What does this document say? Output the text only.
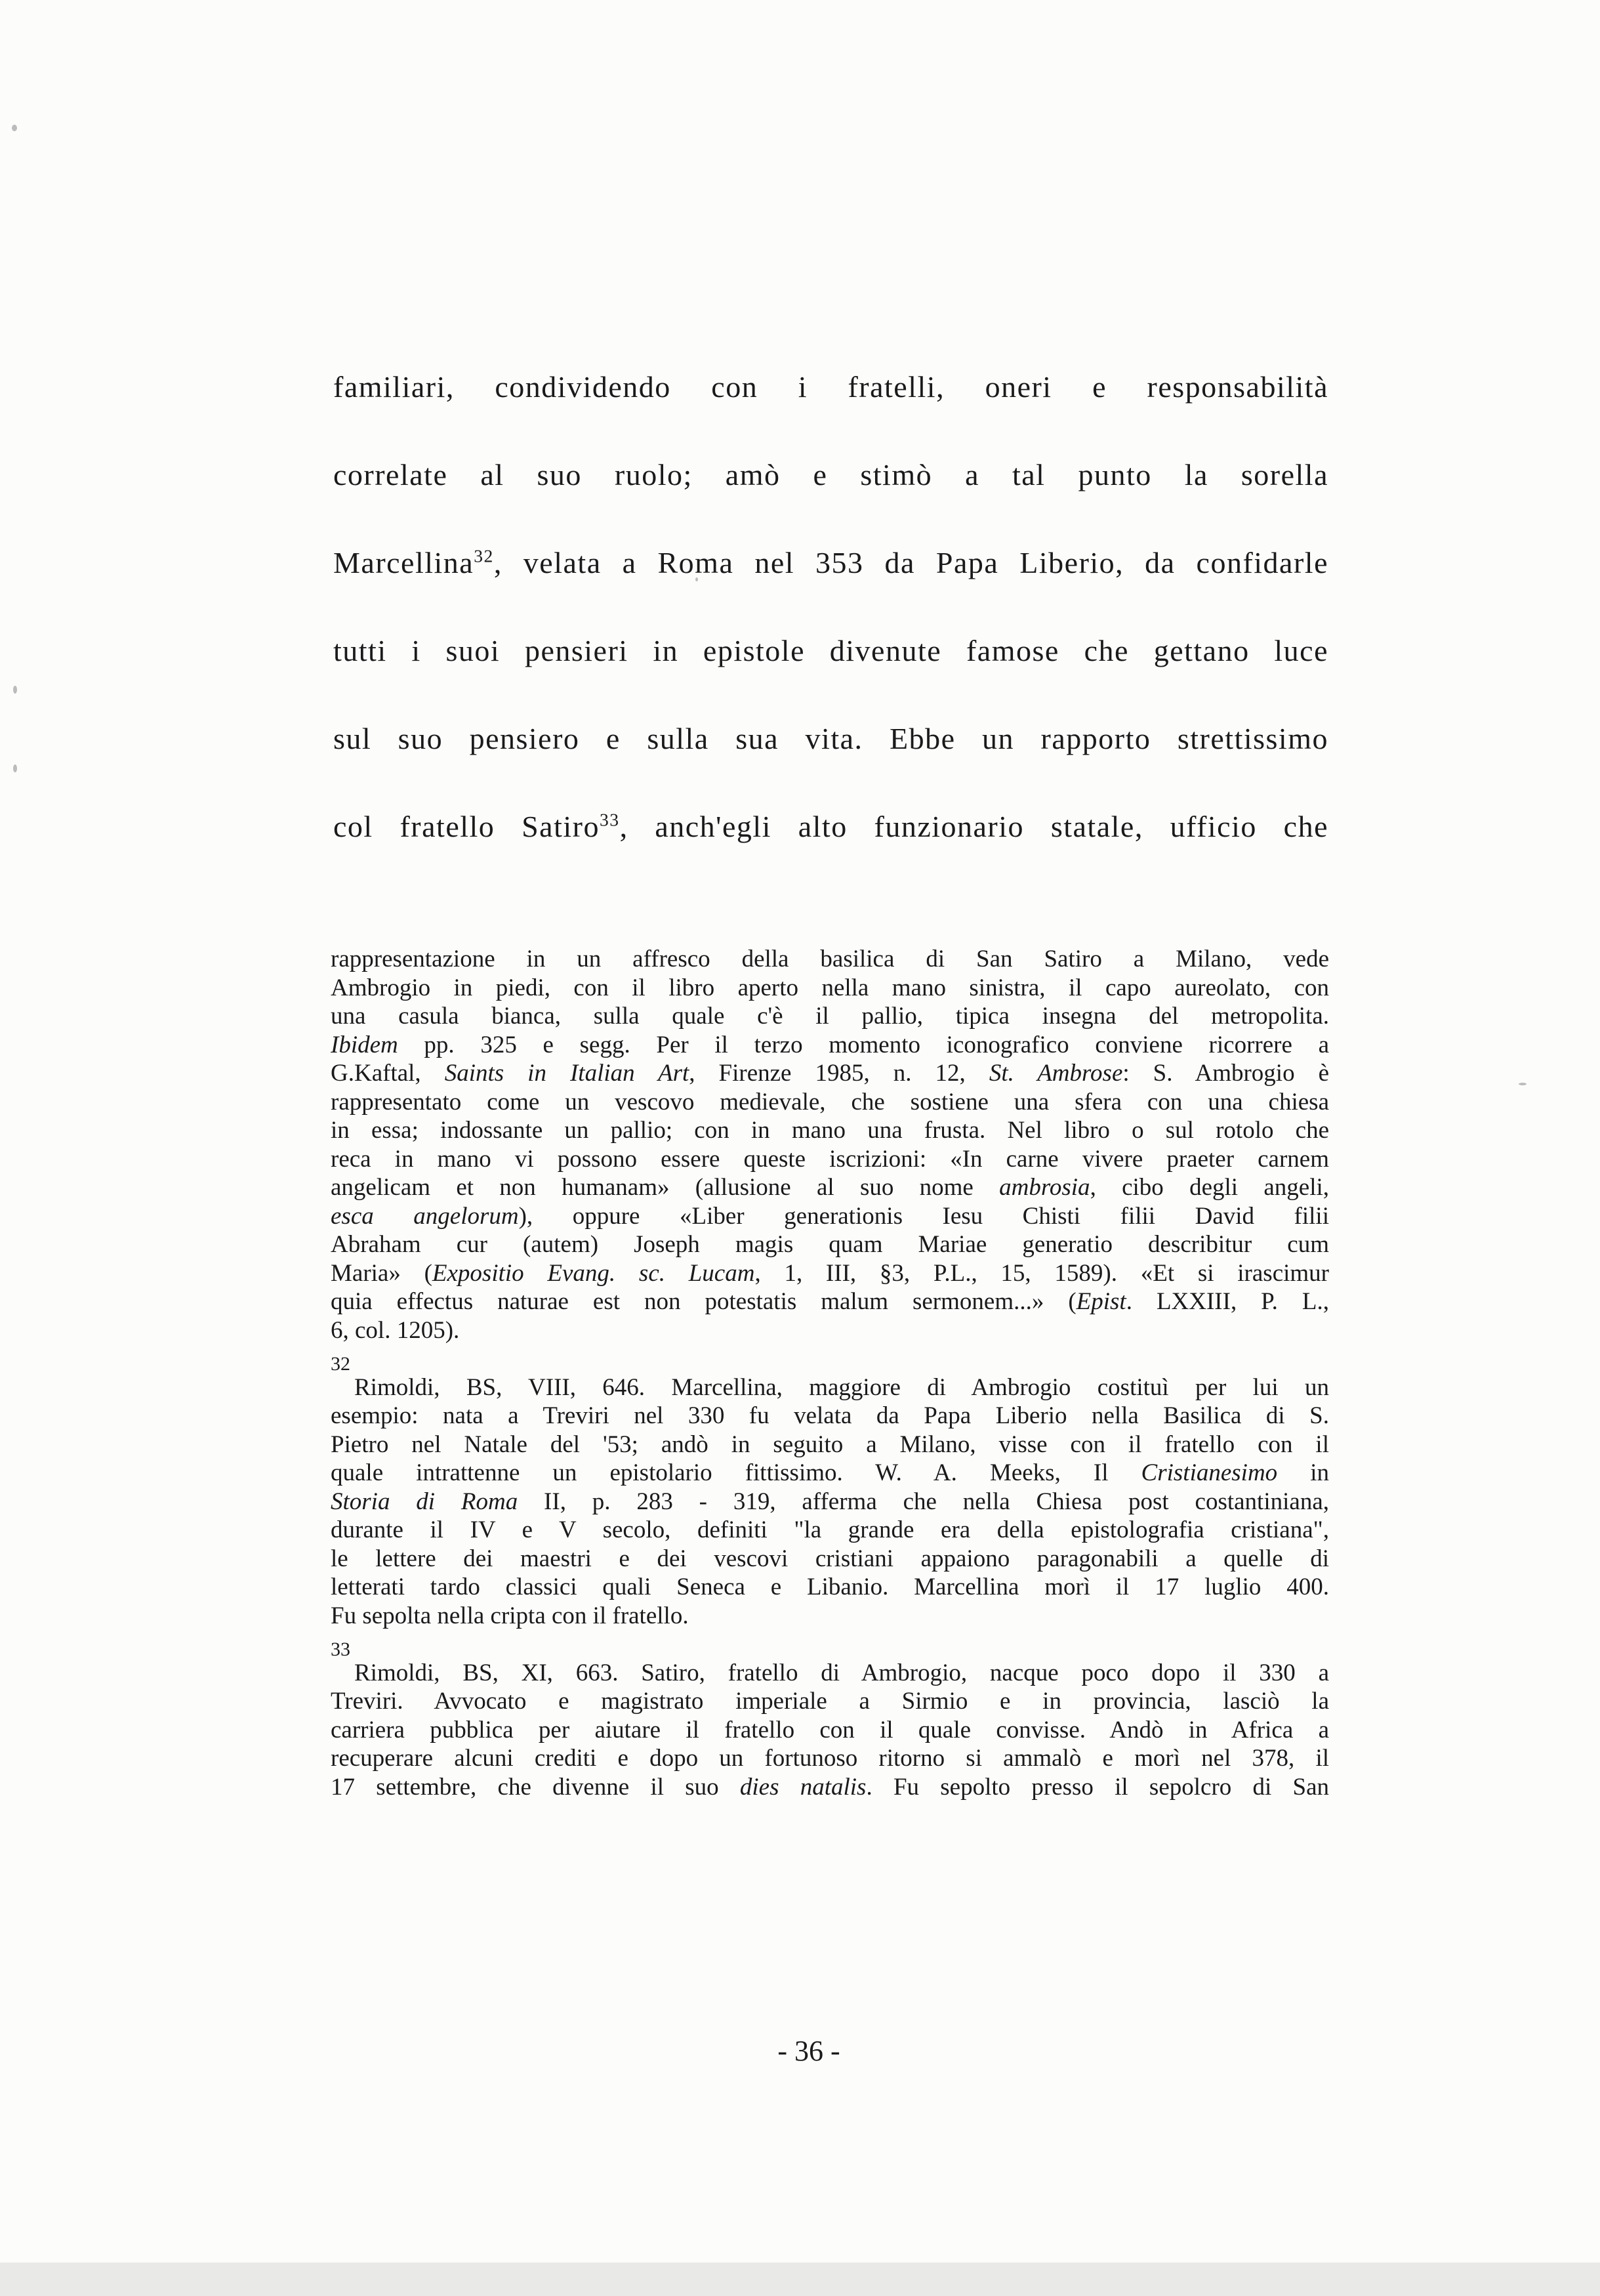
familiari, condividendo con i fratelli, oneri e responsabilità
correlate al suo ruolo; amò e stimò a tal punto la sorella
Marcellina$^{32}$, velata a Roma nel 353 da Papa Liberio, da confidarle
tutti i suoi pensieri in epistole divenute famose che gettano luce
sul suo pensiero e sulla sua vita. Ebbe un rapporto strettissimo
col fratello Satiro$^{33}$, anch'egli alto funzionario statale, ufficio che
rappresentazione in un affresco della basilica di San Satiro a Milano, vede
Ambrogio in piedi, con il libro aperto nella mano sinistra, il capo aureolato, con
una casula bianca, sulla quale c'è il pallio, tipica insegna del metropolita.
Ibidem pp. 325 e segg. Per il terzo momento iconografico conviene ricorrere a
G.Kaftal, Saints in Italian Art, Firenze 1985, n. 12, St. Ambrose: S. Ambrogio è
rappresentato come un vescovo medievale, che sostiene una sfera con una chiesa
in essa; indossante un pallio; con in mano una frusta. Nel libro o sul rotolo che
reca in mano vi possono essere queste iscrizioni: «In carne vivere praeter carnem
angelicam et non humanam» (allusione al suo nome ambrosia, cibo degli angeli,
esca angelorum), oppure «Liber generationis Iesu Chisti filii David filii
Abraham cur (autem) Joseph magis quam Mariae generatio describitur cum
Maria» (Expositio Evang. sc. Lucam, 1, III, §3, P.L., 15, 1589). «Et si irascimur
quia effectus naturae est non potestatis malum sermonem...» (Epist. LXXIII, P. L.,
6, col. 1205).
32
Rimoldi, BS, VIII, 646. Marcellina, maggiore di Ambrogio costituì per lui un
esempio: nata a Treviri nel 330 fu velata da Papa Liberio nella Basilica di S.
Pietro nel Natale del '53; andò in seguito a Milano, visse con il fratello con il
quale intrattenne un epistolario fittissimo. W. A. Meeks, Il Cristianesimo in
Storia di Roma II, p. 283 - 319, afferma che nella Chiesa post costantiniana,
durante il IV e V secolo, definiti "la grande era della epistolografia cristiana",
le lettere dei maestri e dei vescovi cristiani appaiono paragonabili a quelle di
letterati tardo classici quali Seneca e Libanio. Marcellina morì il 17 luglio 400.
Fu sepolta nella cripta con il fratello.
33
Rimoldi, BS, XI, 663. Satiro, fratello di Ambrogio, nacque poco dopo il 330 a
Treviri. Avvocato e magistrato imperiale a Sirmio e in provincia, lasciò la
carriera pubblica per aiutare il fratello con il quale convisse. Andò in Africa a
recuperare alcuni crediti e dopo un fortunoso ritorno si ammalò e morì nel 378, il
17 settembre, che divenne il suo dies natalis. Fu sepolto presso il sepolcro di San
- 36 -
